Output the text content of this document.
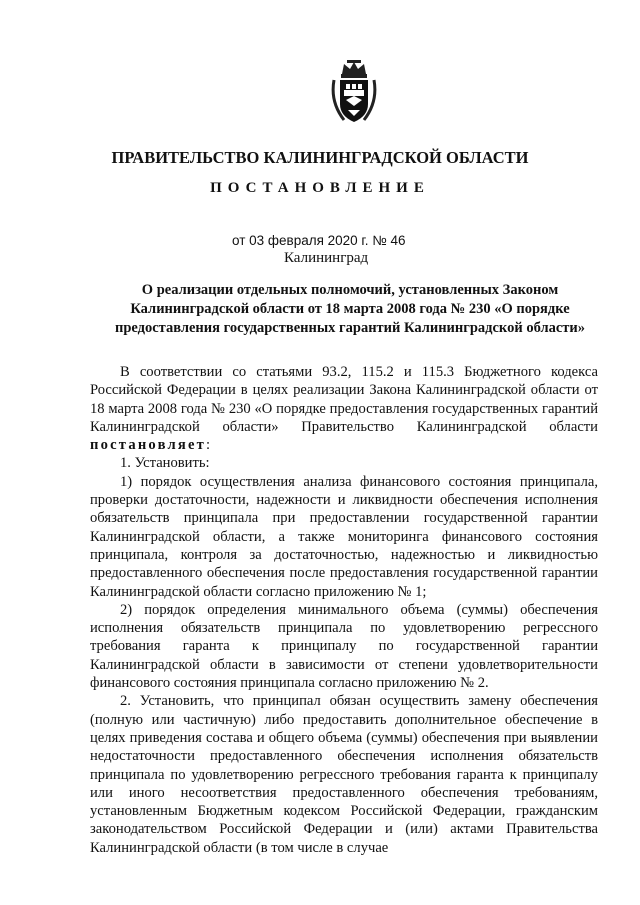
ПРАВИТЕЛЬСТВО КАЛИНИНГРАДСКОЙ ОБЛАСТИ
ПОСТАНОВЛЕНИЕ
от 03 февраля 2020 г. № 46
Калининград
О реализации отдельных полномочий, установленных Законом Калининградской области от 18 марта 2008 года № 230 «О порядке предоставления государственных гарантий Калининградской области»

В соответствии со статьями 93.2, 115.2 и 115.3 Бюджетного кодекса Российской Федерации в целях реализации Закона Калининградской области от 18 марта 2008 года № 230 «О порядке предоставления государственных гарантий Калининградской области» Правительство Калининградской области постановляет:

1. Установить:

1) порядок осуществления анализа финансового состояния принципала, проверки достаточности, надежности и ликвидности обеспечения исполнения обязательств принципала при предоставлении государственной гарантии Калининградской области, а также мониторинга финансового состояния принципала, контроля за достаточностью, надежностью и ликвидностью предоставленного обеспечения после предоставления государственной гарантии Калининградской области согласно приложению № 1;

2) порядок определения минимального объема (суммы) обеспечения исполнения обязательств принципала по удовлетворению регрессного требования гаранта к принципалу по государственной гарантии Калининградской области в зависимости от степени удовлетворительности финансового состояния принципала согласно приложению № 2.

2. Установить, что принципал обязан осуществить замену обеспечения (полную или частичную) либо предоставить дополнительное обеспечение в целях приведения состава и общего объема (суммы) обеспечения при выявлении недостаточности предоставленного обеспечения исполнения обязательств принципала по удовлетворению регрессного требования гаранта к принципалу или иного несоответствия предоставленного обеспечения требованиям, установленным Бюджетным кодексом Российской Федерации, гражданским законодательством Российской Федерации и (или) актами Правительства Калининградской области (в том числе в случае
